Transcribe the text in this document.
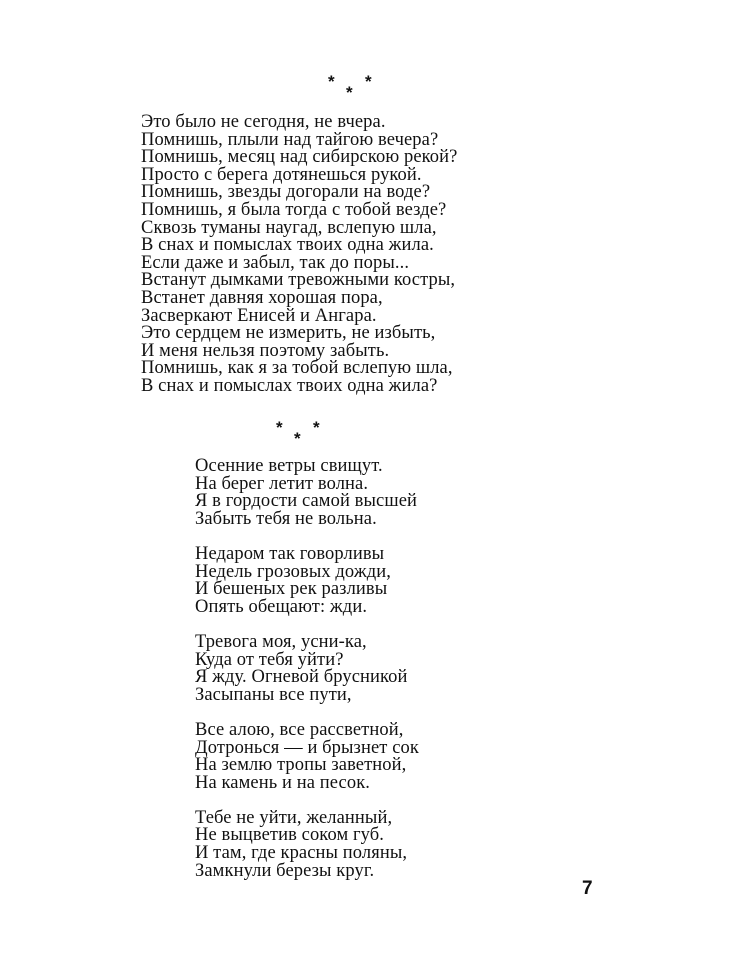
* *
*
Это было не сегодня, не вчера.
Помнишь, плыли над тайгою вечера?
Помнишь, месяц над сибирскою рекой?
Просто с берега дотянешься рукой.
Помнишь, звезды догорали на воде?
Помнишь, я была тогда с тобой везде?
Сквозь туманы наугад, вслепую шла,
В снах и помыслах твоих одна жила.
Если даже и забыл, так до поры...
Встанут дымками тревожными костры,
Встанет давняя хорошая пора,
Засверкают Енисей и Ангара.
Это сердцем не измерить, не избыть,
И меня нельзя поэтому забыть.
Помнишь, как я за тобой вслепую шла,
В снах и помыслах твоих одна жила?
* *
*
Осенние ветры свищут.
На берег летит волна.
Я в гордости самой высшей
Забыть тебя не вольна.
Недаром так говорливы
Недель грозовых дожди,
И бешеных рек разливы
Опять обещают: жди.
Тревога моя, усни-ка,
Куда от тебя уйти?
Я жду. Огневой брусникой
Засыпаны все пути,
Все алою, все рассветной,
Дотронься — и брызнет сок
На землю тропы заветной,
На камень и на песок.
Тебе не уйти, желанный,
Не выцветив соком губ.
И там, где красны поляны,
Замкнули березы круг.
7
